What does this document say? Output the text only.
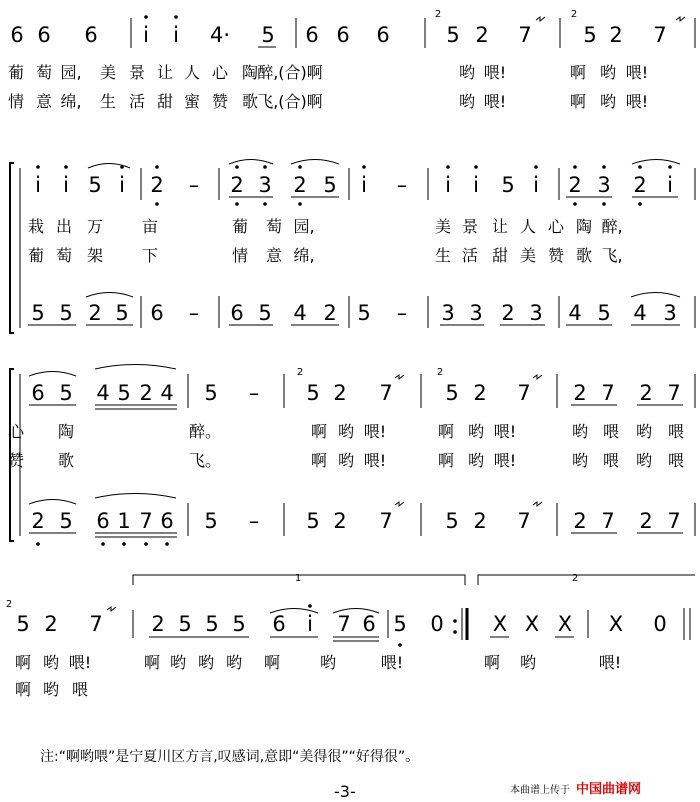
6 6 6 i i 4· 5 6 6 6	5 2 7 5 2 7
i i 5 i 2 – 2 3 2 5 i – i i 5 i 2 3 2 i
5 5 2 5 6 – 6 5 4 2 5 – 3 3 2 3 4 5 4 3
6 5 4 5 2 4 5 – 5 2 7	5 2 7 2 7 2 7
2 5 6 1 7 6 5 – 5 2 7	5 2 7 2 7 2 7
5 2 7 2 5 5 5 6 i 7 6 5 0 X X X X 0
葡 萄 园, 美 景 让 人 心 陶 醉,(合)啊	哟 喂!	啊 哟 喂!
情 意 绵, 生 活 甜 蜜 赞 歌 飞,(合)啊	哟 喂!	啊 哟 喂!
栽 出 万 亩	葡 萄 园,	美 景 让 人 心 陶 醉,
葡 萄 架 下	情 意 绵,	生 活 甜 美 赞 歌 飞,
心 陶	醉。	啊 哟 喂!	啊 哟 喂!	哟 喂 哟 喂
赞 歌	飞。	啊 哟 喂!	啊 哟 喂!	哟 喂 哟 喂
啊 哟 喂!	啊 哟 哟 哟 啊 哟	喂!	啊 哟	喂!
啊 哟 喂
2	2
2	2
1	2
2
注:“啊哟喂”是宁夏川区方言,叹感词,意即“美得很”“好得很”。
本曲谱上传于 中国曲谱网
-3-
